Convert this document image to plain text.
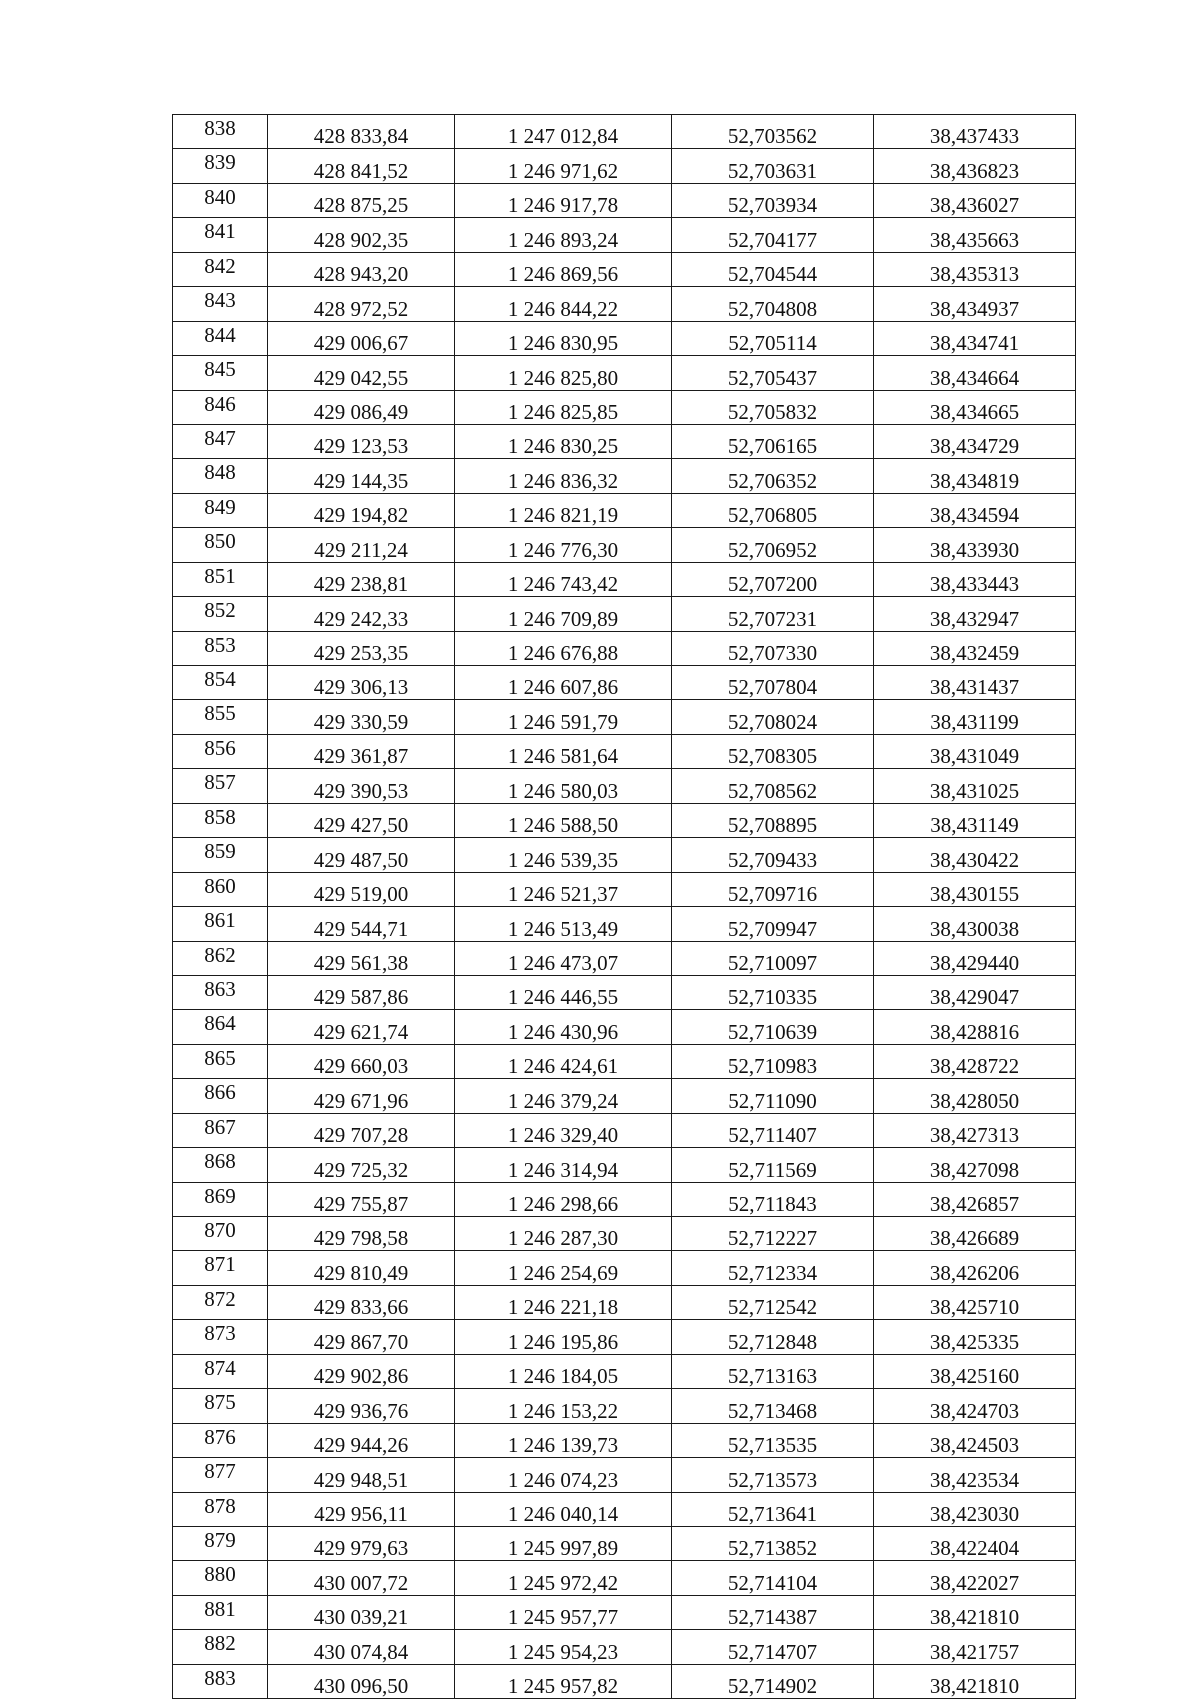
838	428 833,84	1 247 012,84	52,703562	38,437433
839	428 841,52	1 246 971,62	52,703631	38,436823
840	428 875,25	1 246 917,78	52,703934	38,436027
841	428 902,35	1 246 893,24	52,704177	38,435663
842	428 943,20	1 246 869,56	52,704544	38,435313
843	428 972,52	1 246 844,22	52,704808	38,434937
844	429 006,67	1 246 830,95	52,705114	38,434741
845	429 042,55	1 246 825,80	52,705437	38,434664
846	429 086,49	1 246 825,85	52,705832	38,434665
847	429 123,53	1 246 830,25	52,706165	38,434729
848	429 144,35	1 246 836,32	52,706352	38,434819
849	429 194,82	1 246 821,19	52,706805	38,434594
850	429 211,24	1 246 776,30	52,706952	38,433930
851	429 238,81	1 246 743,42	52,707200	38,433443
852	429 242,33	1 246 709,89	52,707231	38,432947
853	429 253,35	1 246 676,88	52,707330	38,432459
854	429 306,13	1 246 607,86	52,707804	38,431437
855	429 330,59	1 246 591,79	52,708024	38,431199
856	429 361,87	1 246 581,64	52,708305	38,431049
857	429 390,53	1 246 580,03	52,708562	38,431025
858	429 427,50	1 246 588,50	52,708895	38,431149
859	429 487,50	1 246 539,35	52,709433	38,430422
860	429 519,00	1 246 521,37	52,709716	38,430155
861	429 544,71	1 246 513,49	52,709947	38,430038
862	429 561,38	1 246 473,07	52,710097	38,429440
863	429 587,86	1 246 446,55	52,710335	38,429047
864	429 621,74	1 246 430,96	52,710639	38,428816
865	429 660,03	1 246 424,61	52,710983	38,428722
866	429 671,96	1 246 379,24	52,711090	38,428050
867	429 707,28	1 246 329,40	52,711407	38,427313
868	429 725,32	1 246 314,94	52,711569	38,427098
869	429 755,87	1 246 298,66	52,711843	38,426857
870	429 798,58	1 246 287,30	52,712227	38,426689
871	429 810,49	1 246 254,69	52,712334	38,426206
872	429 833,66	1 246 221,18	52,712542	38,425710
873	429 867,70	1 246 195,86	52,712848	38,425335
874	429 902,86	1 246 184,05	52,713163	38,425160
875	429 936,76	1 246 153,22	52,713468	38,424703
876	429 944,26	1 246 139,73	52,713535	38,424503
877	429 948,51	1 246 074,23	52,713573	38,423534
878	429 956,11	1 246 040,14	52,713641	38,423030
879	429 979,63	1 245 997,89	52,713852	38,422404
880	430 007,72	1 245 972,42	52,714104	38,422027
881	430 039,21	1 245 957,77	52,714387	38,421810
882	430 074,84	1 245 954,23	52,714707	38,421757
883	430 096,50	1 245 957,82	52,714902	38,421810
